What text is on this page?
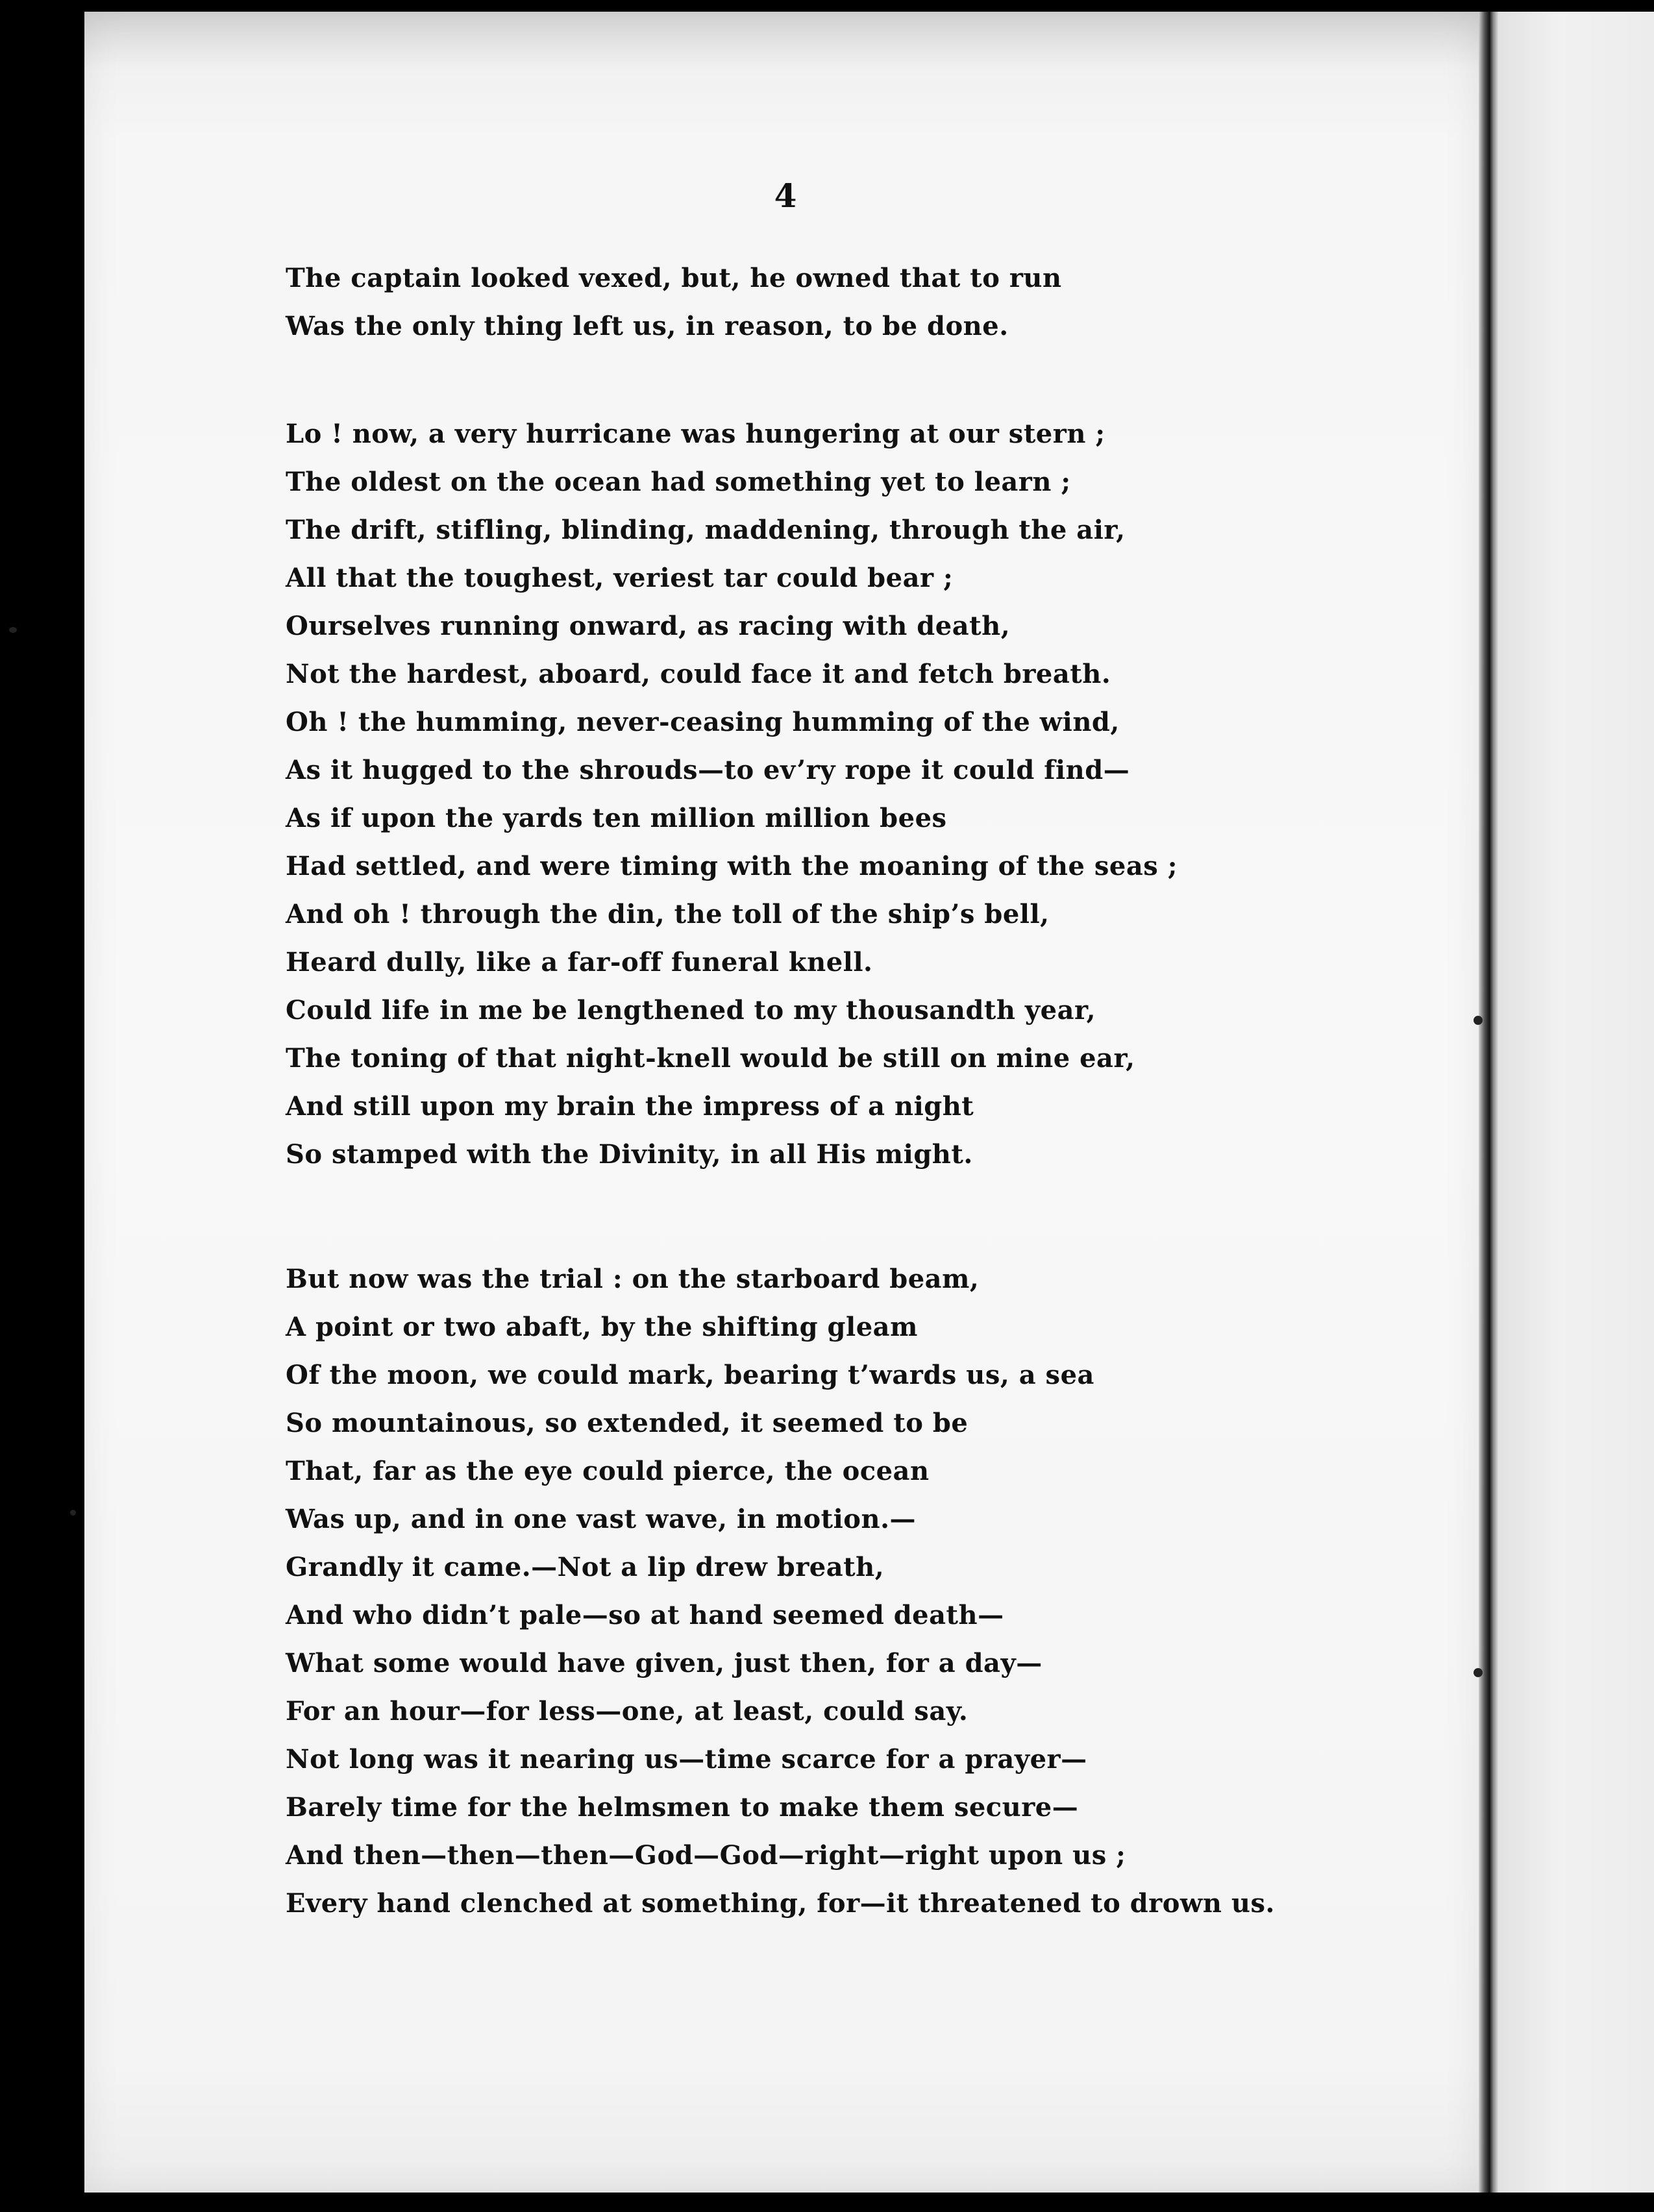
4
The captain looked vexed, but, he owned that to run
Was the only thing left us, in reason, to be done.
Lo ! now, a very hurricane was hungering at our stern ;
The oldest on the ocean had something yet to learn ;
The drift, stifling, blinding, maddening, through the air,
All that the toughest, veriest tar could bear ;
Ourselves running onward, as racing with death,
Not the hardest, aboard, could face it and fetch breath.
Oh ! the humming, never-ceasing humming of the wind,
As it hugged to the shrouds—to ev’ry rope it could find—
As if upon the yards ten million million bees
Had settled, and were timing with the moaning of the seas ;
And oh ! through the din, the toll of the ship’s bell,
Heard dully, like a far-off funeral knell.
Could life in me be lengthened to my thousandth year,
The toning of that night-knell would be still on mine ear,
And still upon my brain the impress of a night
So stamped with the Divinity, in all His might.
But now was the trial : on the starboard beam,
A point or two abaft, by the shifting gleam
Of the moon, we could mark, bearing t’wards us, a sea
So mountainous, so extended, it seemed to be
That, far as the eye could pierce, the ocean
Was up, and in one vast wave, in motion.—
Grandly it came.—Not a lip drew breath,
And who didn’t pale—so at hand seemed death—
What some would have given, just then, for a day—
For an hour—for less—one, at least, could say.
Not long was it nearing us—time scarce for a prayer—
Barely time for the helmsmen to make them secure—
And then—then—then—God—God—right—right upon us ;
Every hand clenched at something, for—it threatened to drown us.
